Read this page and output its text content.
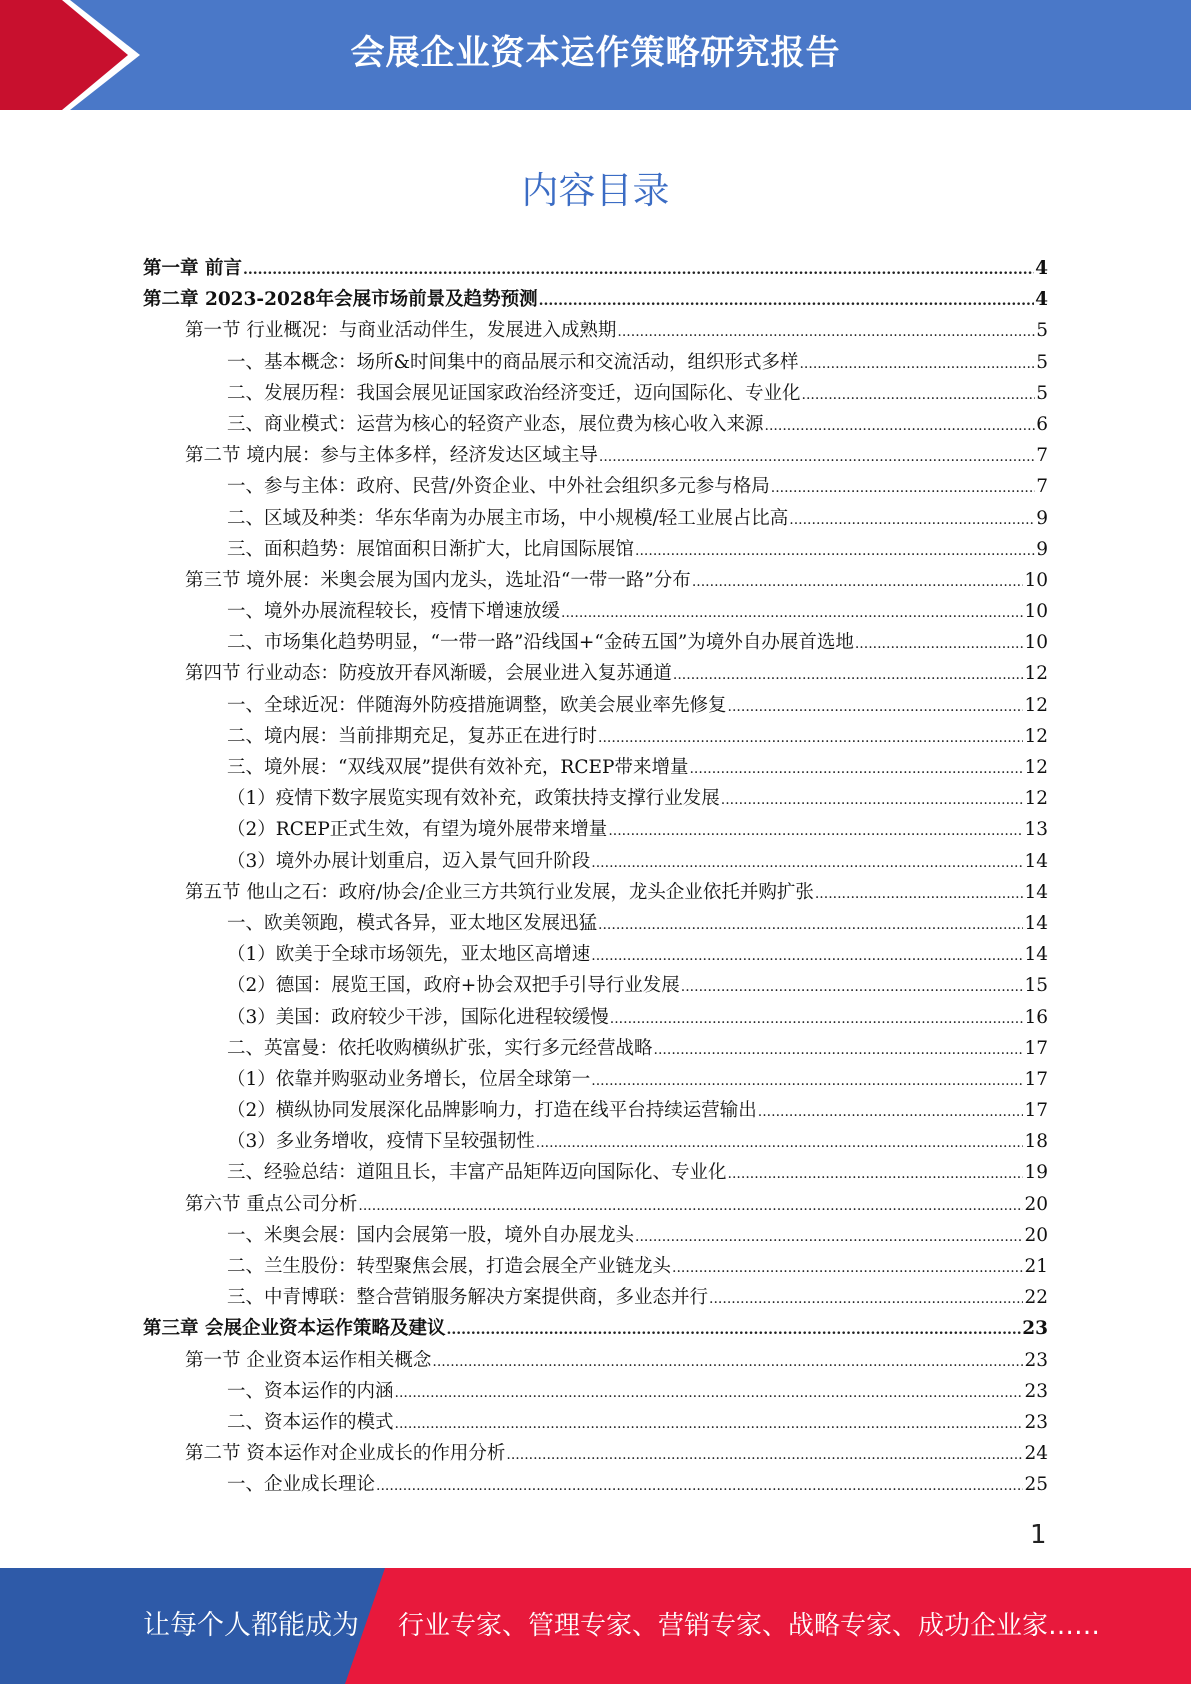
会展企业资本运作策略研究报告
内容目录
第一章 前言 .....	4
第二章 2023-2028年会展市场前景及趋势预测 .....	4
第一节 行业概况：与商业活动伴生，发展进入成熟期 .....	5
一、基本概念：场所&时间集中的商品展示和交流活动，组织形式多样 .....	5
二、发展历程：我国会展见证国家政治经济变迁，迈向国际化、专业化 .....	5
三、商业模式：运营为核心的轻资产业态，展位费为核心收入来源 .....	6
第二节 境内展：参与主体多样，经济发达区域主导 .....	7
一、参与主体：政府、民营/外资企业、中外社会组织多元参与格局 .....	7
二、区域及种类：华东华南为办展主市场，中小规模/轻工业展占比高 .....	9
三、面积趋势：展馆面积日渐扩大，比肩国际展馆 .....	9
第三节 境外展：米奥会展为国内龙头，选址沿“一带一路”分布 .....	10
一、境外办展流程较长，疫情下增速放缓 .....	10
二、市场集化趋势明显，“一带一路”沿线国+“金砖五国”为境外自办展首选地 .....	10
第四节 行业动态：防疫放开春风渐暖，会展业进入复苏通道 .....	12
一、全球近况：伴随海外防疫措施调整，欧美会展业率先修复 .....	12
二、境内展：当前排期充足，复苏正在进行时 .....	12
三、境外展：“双线双展”提供有效补充，RCEP带来增量 .....	12
（1）疫情下数字展览实现有效补充，政策扶持支撑行业发展 .....	12
（2）RCEP正式生效，有望为境外展带来增量 .....	13
（3）境外办展计划重启，迈入景气回升阶段 .....	14
第五节 他山之石：政府/协会/企业三方共筑行业发展，龙头企业依托并购扩张 .....	14
一、欧美领跑，模式各异，亚太地区发展迅猛 .....	14
（1）欧美于全球市场领先，亚太地区高增速 .....	14
（2）德国：展览王国，政府+协会双把手引导行业发展 .....	15
（3）美国：政府较少干涉，国际化进程较缓慢 .....	16
二、英富曼：依托收购横纵扩张，实行多元经营战略 .....	17
（1）依靠并购驱动业务增长，位居全球第一 .....	17
（2）横纵协同发展深化品牌影响力，打造在线平台持续运营输出 .....	17
（3）多业务增收，疫情下呈较强韧性 .....	18
三、经验总结：道阻且长，丰富产品矩阵迈向国际化、专业化 .....	19
第六节 重点公司分析 .....	20
一、米奥会展：国内会展第一股，境外自办展龙头 .....	20
二、兰生股份：转型聚焦会展，打造会展全产业链龙头 .....	21
三、中青博联：整合营销服务解决方案提供商，多业态并行 .....	22
第三章 会展企业资本运作策略及建议 .....	23
第一节 企业资本运作相关概念 .....	23
一、资本运作的内涵 .....	23
二、资本运作的模式 .....	23
第二节 资本运作对企业成长的作用分析 .....	24
一、企业成长理论 .....	25
1
让每个人都能成为 行业专家、管理专家、营销专家、战略专家、成功企业家……
